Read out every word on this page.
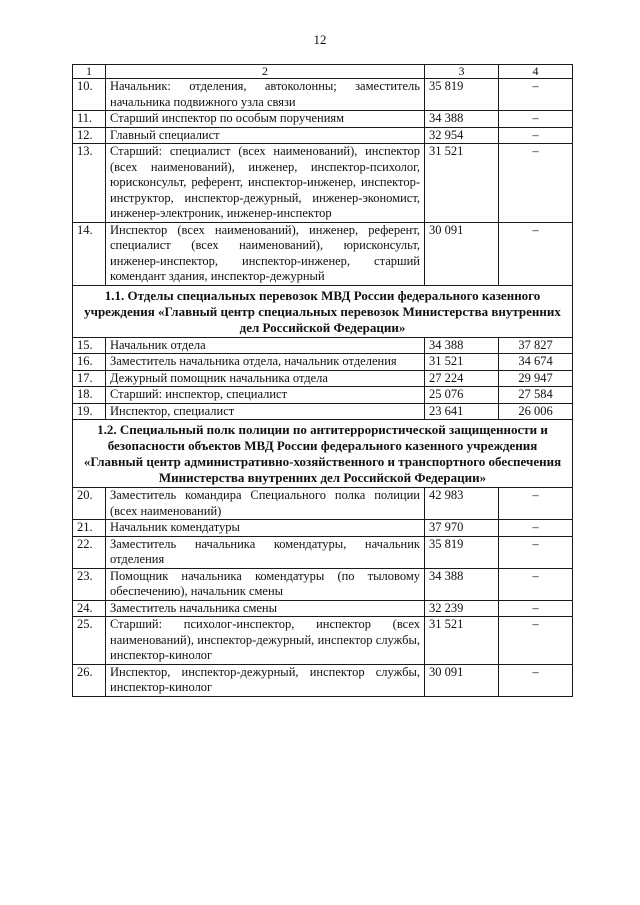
12
1	2	3	4
10.	Начальник: отделения, автоколонны; заместитель начальника подвижного узла связи	35 819	–
11.	Старший инспектор по особым поручениям	34 388	–
12.	Главный специалист	32 954	–
13.	Старший: специалист (всех наименований), инспектор (всех наименований), инженер, инспектор-психолог, юрисконсульт, референт, инспектор-инженер, инспектор-инструктор, инспектор-дежурный, инженер-экономист, инженер-электроник, инженер-инспектор	31 521	–
14.	Инспектор (всех наименований), инженер, референт, специалист (всех наименований), юрисконсульт, инженер-инспектор, инспектор-инженер, старший комендант здания, инспектор-дежурный	30 091	–
1.1. Отделы специальных перевозок МВД России федерального казенного учреждения «Главный центр специальных перевозок Министерства внутренних дел Российской Федерации»			
15.	Начальник отдела	34 388	37 827
16.	Заместитель начальника отдела, начальник отделения	31 521	34 674
17.	Дежурный помощник начальника отдела	27 224	29 947
18.	Старший: инспектор, специалист	25 076	27 584
19.	Инспектор, специалист	23 641	26 006
1.2. Специальный полк полиции по антитеррористической защищенности и безопасности объектов МВД России федерального казенного учреждения «Главный центр административно-хозяйственного и транспортного обеспечения Министерства внутренних дел Российской Федерации»			
20.	Заместитель командира Специального полка полиции (всех наименований)	42 983	–
21.	Начальник комендатуры	37 970	–
22.	Заместитель начальника комендатуры, начальник отделения	35 819	–
23.	Помощник начальника комендатуры (по тыловому обеспечению), начальник смены	34 388	–
24.	Заместитель начальника смены	32 239	–
25.	Старший: психолог-инспектор, инспектор (всех наименований), инспектор-дежурный, инспектор службы, инспектор-кинолог	31 521	–
26.	Инспектор, инспектор-дежурный, инспектор службы, инспектор-кинолог	30 091	–
